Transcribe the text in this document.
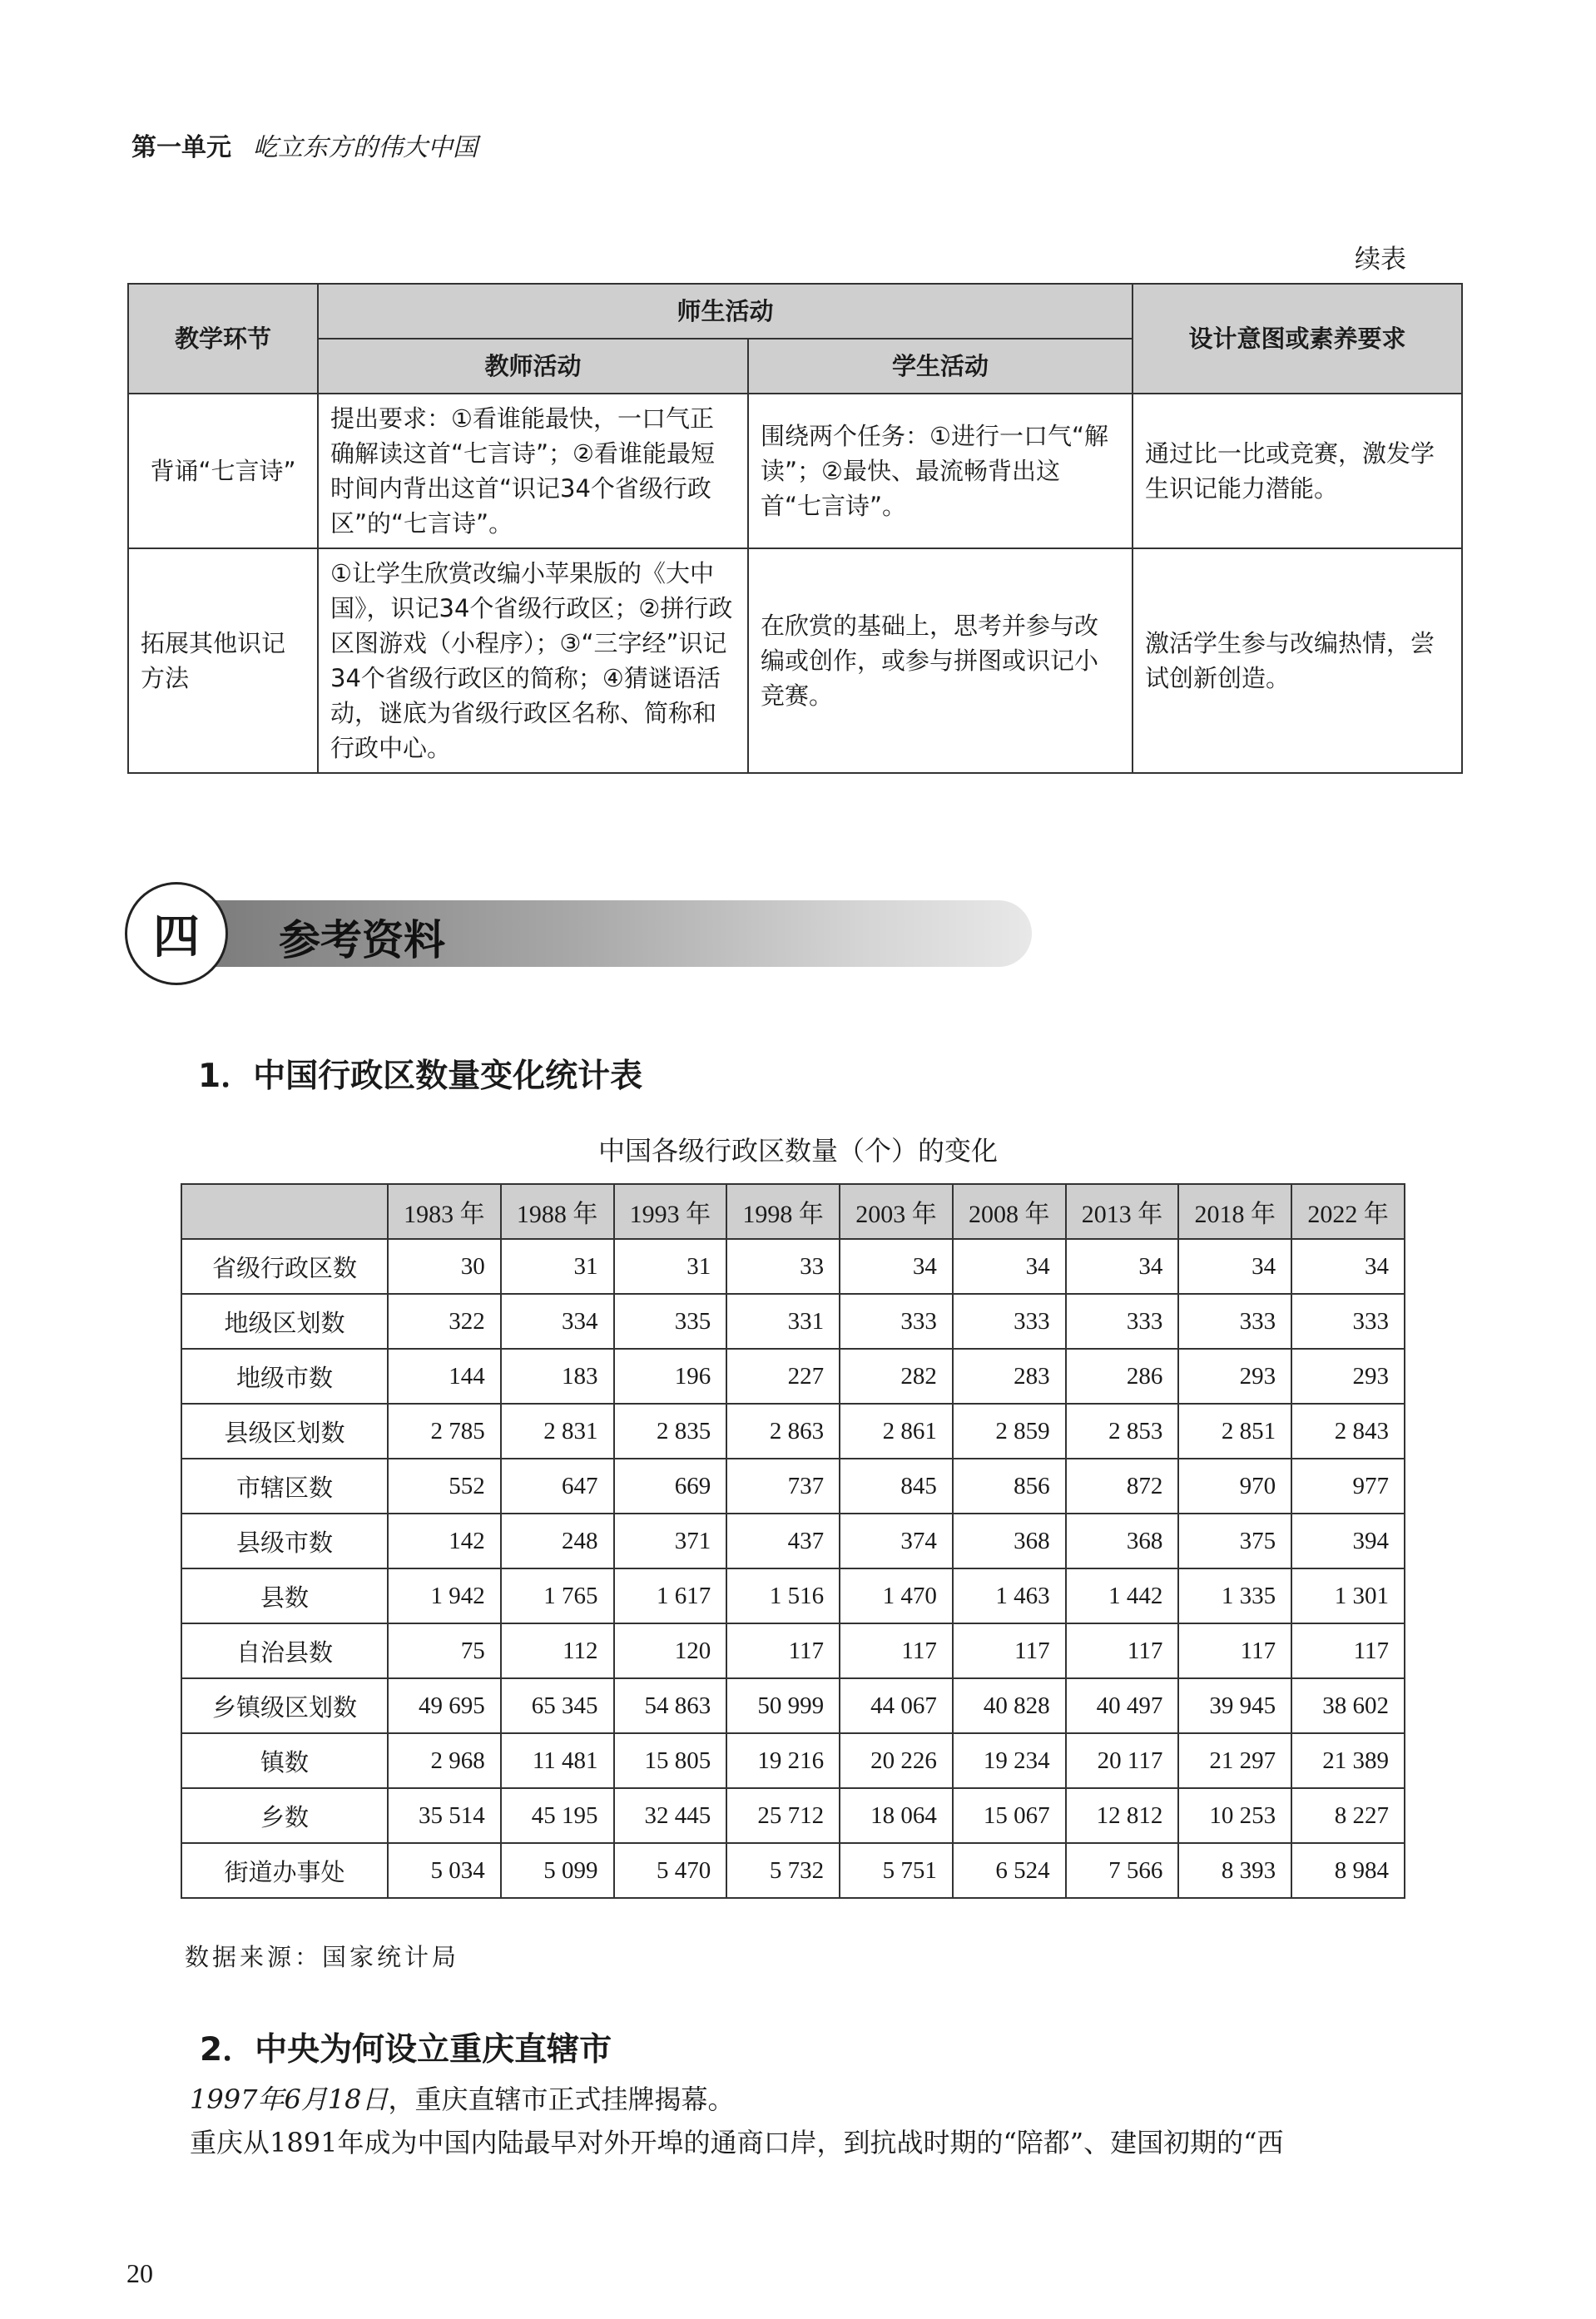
第一单元 屹立东方的伟大中国
续表
教学环节	师生活动		设计意图或素养要求
	教师活动	学生活动	
背诵“七言诗”	提出要求：①看谁能最快，一口气正确解读这首“七言诗”；②看谁能最短时间内背出这首“识记34个省级行政区”的“七言诗”。	围绕两个任务：①进行一口气“解读”；②最快、最流畅背出这首“七言诗”。	通过比一比或竞赛，激发学生识记能力潜能。
拓展其他识记方法	①让学生欣赏改编小苹果版的《大中国》，识记34个省级行政区；②拼行政区图游戏（小程序）；③“三字经”识记34个省级行政区的简称；④猜谜语活动，谜底为省级行政区名称、简称和行政中心。	在欣赏的基础上，思考并参与改编或创作，或参与拼图或识记小竞赛。	激活学生参与改编热情，尝试创新创造。
四	参考资料
1．中国行政区数量变化统计表
中国各级行政区数量（个）的变化
	1983 年	1988 年	1993 年	1998 年	2003 年	2008 年	2013 年	2018 年	2022 年
省级行政区数	30	31	31	33	34	34	34	34	34
地级区划数	322	334	335	331	333	333	333	333	333
地级市数	144	183	196	227	282	283	286	293	293
县级区划数	2 785	2 831	2 835	2 863	2 861	2 859	2 853	2 851	2 843
市辖区数	552	647	669	737	845	856	872	970	977
县级市数	142	248	371	437	374	368	368	375	394
县数	1 942	1 765	1 617	1 516	1 470	1 463	1 442	1 335	1 301
自治县数	75	112	120	117	117	117	117	117	117
乡镇级区划数	49 695	65 345	54 863	50 999	44 067	40 828	40 497	39 945	38 602
镇数	2 968	11 481	15 805	19 216	20 226	19 234	20 117	21 297	21 389
乡数	35 514	45 195	32 445	25 712	18 064	15 067	12 812	10 253	8 227
街道办事处	5 034	5 099	5 470	5 732	5 751	6 524	7 566	8 393	8 984
数据来源：国家统计局
2．中央为何设立重庆直辖市
1997年6月18日，重庆直辖市正式挂牌揭幕。
重庆从1891年成为中国内陆最早对外开埠的通商口岸，到抗战时期的“陪都”、建国初期的“西
20
